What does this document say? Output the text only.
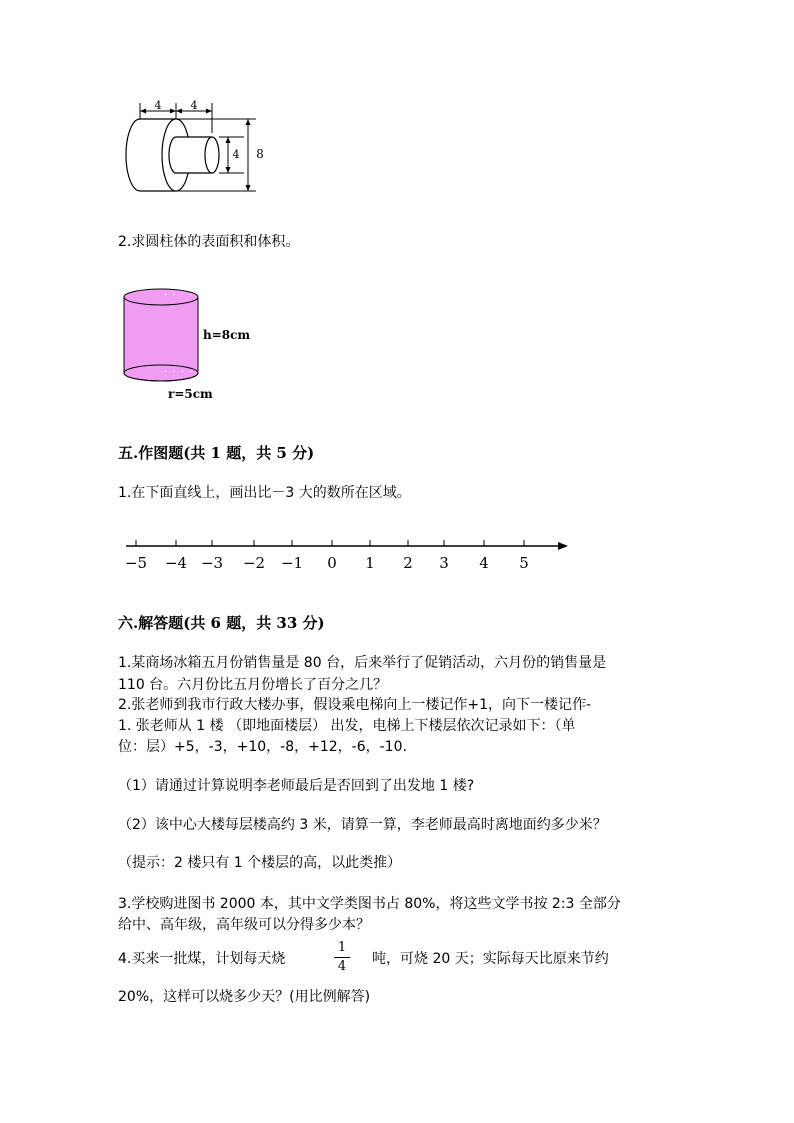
4	4
4 8
2.求圆柱体的表面积和体积。
· · · · ·
· · · · ·
h=8cm
r=5cm
五.作图题(共 1 题，共 5 分)
1.在下面直线上，画出比－3 大的数所在区域。
−5 −4 −3 −2 −1 0 1 2 3 4 5
六.解答题(共 6 题，共 33 分)
1.某商场冰箱五月份销售量是 80 台，后来举行了促销活动，六月份的销售量是
110 台。六月份比五月份增长了百分之几？
2.张老师到我市行政大楼办事，假设乘电梯向上一楼记作+1，向下一楼记作-
1. 张老师从 1 楼 （即地面楼层） 出发，电梯上下楼层依次记录如下：（单
位：层）+5，-3，+10，-8，+12，-6，-10.
（1）请通过计算说明李老师最后是否回到了出发地 1 楼?
（2）该中心大楼每层楼高约 3 米，请算一算，李老师最高时离地面约多少米？
（提示：2 楼只有 1 个楼层的高，以此类推）
3.学校购进图书 2000 本，其中文学类图书占 80%，将这些文学书按 2:3 全部分
给中、高年级，高年级可以分得多少本？
4.买来一批煤，计划每天烧
1
4 吨，可烧 20 天；实际每天比原来节约
20%，这样可以烧多少天？(用比例解答)
